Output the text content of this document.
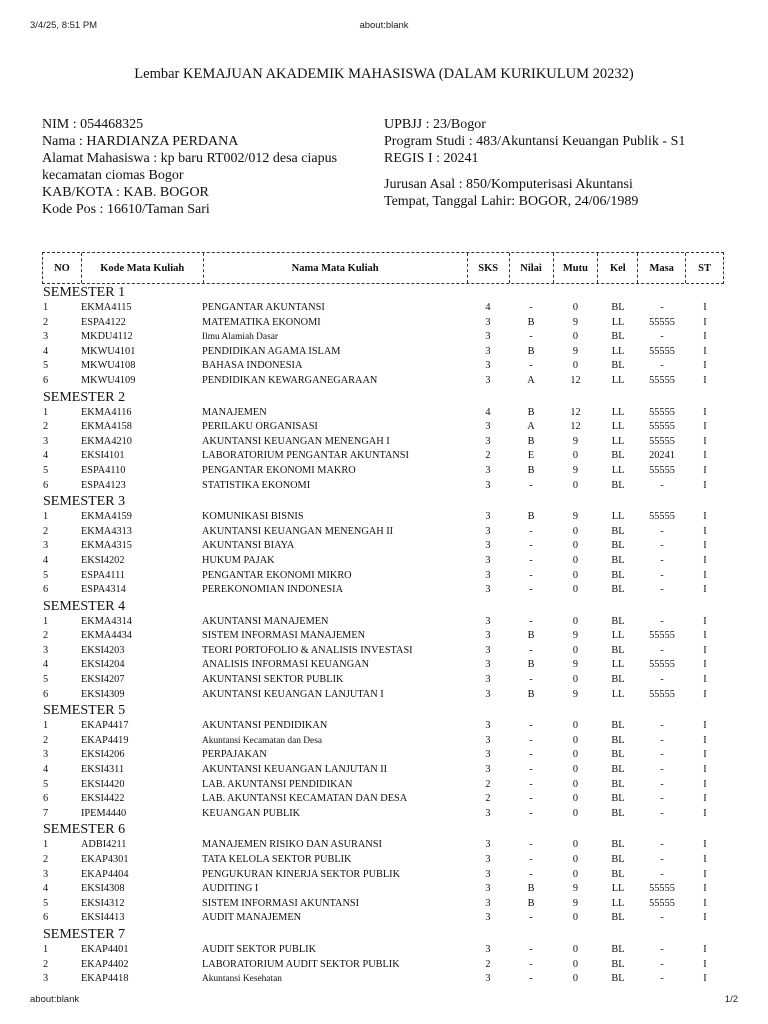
3/4/25, 8:51 PM	about:blank
Lembar KEMAJUAN AKADEMIK MAHASISWA (DALAM KURIKULUM 20232)
NIM : 054468325
Nama : HARDIANZA PERDANA
Alamat Mahasiswa : kp baru RT002/012 desa ciapus kecamatan ciomas Bogor
KAB/KOTA : KAB. BOGOR
Kode Pos : 16610/Taman Sari
UPBJJ : 23/Bogor
Program Studi : 483/Akuntansi Keuangan Publik - S1
REGIS I : 20241
Jurusan Asal : 850/Komputerisasi Akuntansi
Tempat, Tanggal Lahir: BOGOR, 24/06/1989
NO	Kode Mata Kuliah	Nama Mata Kuliah	SKS	Nilai	Mutu	Kel	Masa	ST
SEMESTER 1
1	EKMA4115	PENGANTAR AKUNTANSI	4	-	0	BL	-	I
2	ESPA4122	MATEMATIKA EKONOMI	3	B	9	LL	55555	I
3	MKDU4112	Ilmu Alamiah Dasar	3	-	0	BL	-	I
4	MKWU4101	PENDIDIKAN AGAMA ISLAM	3	B	9	LL	55555	I
5	MKWU4108	BAHASA INDONESIA	3	-	0	BL	-	I
6	MKWU4109	PENDIDIKAN KEWARGANEGARAAN	3	A	12	LL	55555	I
SEMESTER 2
1	EKMA4116	MANAJEMEN	4	B	12	LL	55555	I
2	EKMA4158	PERILAKU ORGANISASI	3	A	12	LL	55555	I
3	EKMA4210	AKUNTANSI KEUANGAN MENENGAH I	3	B	9	LL	55555	I
4	EKSI4101	LABORATORIUM PENGANTAR AKUNTANSI	2	E	0	BL	20241	I
5	ESPA4110	PENGANTAR EKONOMI MAKRO	3	B	9	LL	55555	I
6	ESPA4123	STATISTIKA EKONOMI	3	-	0	BL	-	I
SEMESTER 3
1	EKMA4159	KOMUNIKASI BISNIS	3	B	9	LL	55555	I
2	EKMA4313	AKUNTANSI KEUANGAN MENENGAH II	3	-	0	BL	-	I
3	EKMA4315	AKUNTANSI BIAYA	3	-	0	BL	-	I
4	EKSI4202	HUKUM PAJAK	3	-	0	BL	-	I
5	ESPA4111	PENGANTAR EKONOMI MIKRO	3	-	0	BL	-	I
6	ESPA4314	PEREKONOMIAN INDONESIA	3	-	0	BL	-	I
SEMESTER 4
1	EKMA4314	AKUNTANSI MANAJEMEN	3	-	0	BL	-	I
2	EKMA4434	SISTEM INFORMASI MANAJEMEN	3	B	9	LL	55555	I
3	EKSI4203	TEORI PORTOFOLIO & ANALISIS INVESTASI	3	-	0	BL	-	I
4	EKSI4204	ANALISIS INFORMASI KEUANGAN	3	B	9	LL	55555	I
5	EKSI4207	AKUNTANSI SEKTOR PUBLIK	3	-	0	BL	-	I
6	EKSI4309	AKUNTANSI KEUANGAN LANJUTAN I	3	B	9	LL	55555	I
SEMESTER 5
1	EKAP4417	AKUNTANSI PENDIDIKAN	3	-	0	BL	-	I
2	EKAP4419	Akuntansi Kecamatan dan Desa	3	-	0	BL	-	I
3	EKSI4206	PERPAJAKAN	3	-	0	BL	-	I
4	EKSI4311	AKUNTANSI KEUANGAN LANJUTAN II	3	-	0	BL	-	I
5	EKSI4420	LAB. AKUNTANSI PENDIDIKAN	2	-	0	BL	-	I
6	EKSI4422	LAB. AKUNTANSI KECAMATAN DAN DESA	2	-	0	BL	-	I
7	IPEM4440	KEUANGAN PUBLIK	3	-	0	BL	-	I
SEMESTER 6
1	ADBI4211	MANAJEMEN RISIKO DAN ASURANSI	3	-	0	BL	-	I
2	EKAP4301	TATA KELOLA SEKTOR PUBLIK	3	-	0	BL	-	I
3	EKAP4404	PENGUKURAN KINERJA SEKTOR PUBLIK	3	-	0	BL	-	I
4	EKSI4308	AUDITING I	3	B	9	LL	55555	I
5	EKSI4312	SISTEM INFORMASI AKUNTANSI	3	B	9	LL	55555	I
6	EKSI4413	AUDIT MANAJEMEN	3	-	0	BL	-	I
SEMESTER 7
1	EKAP4401	AUDIT SEKTOR PUBLIK	3	-	0	BL	-	I
2	EKAP4402	LABORATORIUM AUDIT SEKTOR PUBLIK	2	-	0	BL	-	I
3	EKAP4418	Akuntansi Kesehatan	3	-	0	BL	-	I
about:blank	1/2
